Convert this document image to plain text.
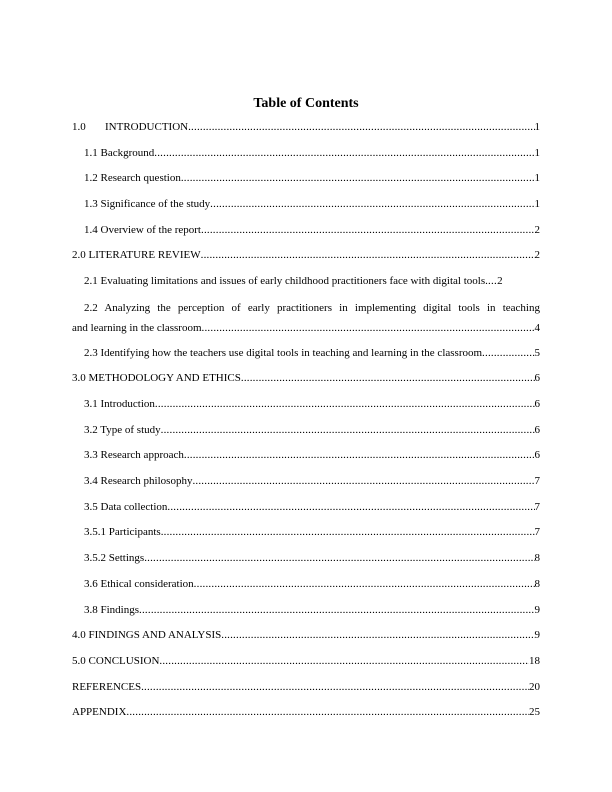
Table of Contents
1.0 INTRODUCTION .....	1
1.1 Background .....	1
1.2 Research question .....	1
1.3 Significance of the study .....	1
1.4 Overview of the report .....	2
2.0 LITERATURE REVIEW .....	2
2.1 Evaluating limitations and issues of early childhood practitioners face with digital tools ..... 2
2.2 Analyzing the perception of early practitioners in implementing digital tools in teaching
and learning in the classroom .....	4
2.3 Identifying how the teachers use digital tools in teaching and learning in the classroom .....	5
3.0 METHODOLOGY AND ETHICS .....	6
3.1 Introduction .....	6
3.2 Type of study .....	6
3.3 Research approach .....	6
3.4 Research philosophy .....	7
3.5 Data collection .....	7
3.5.1 Participants .....	7
3.5.2 Settings .....	8
3.6 Ethical consideration .....	8
3.8 Findings .....	9
4.0 FINDINGS AND ANALYSIS .....	9
5.0 CONCLUSION .....	18
REFERENCES .....	20
APPENDIX .....	25
